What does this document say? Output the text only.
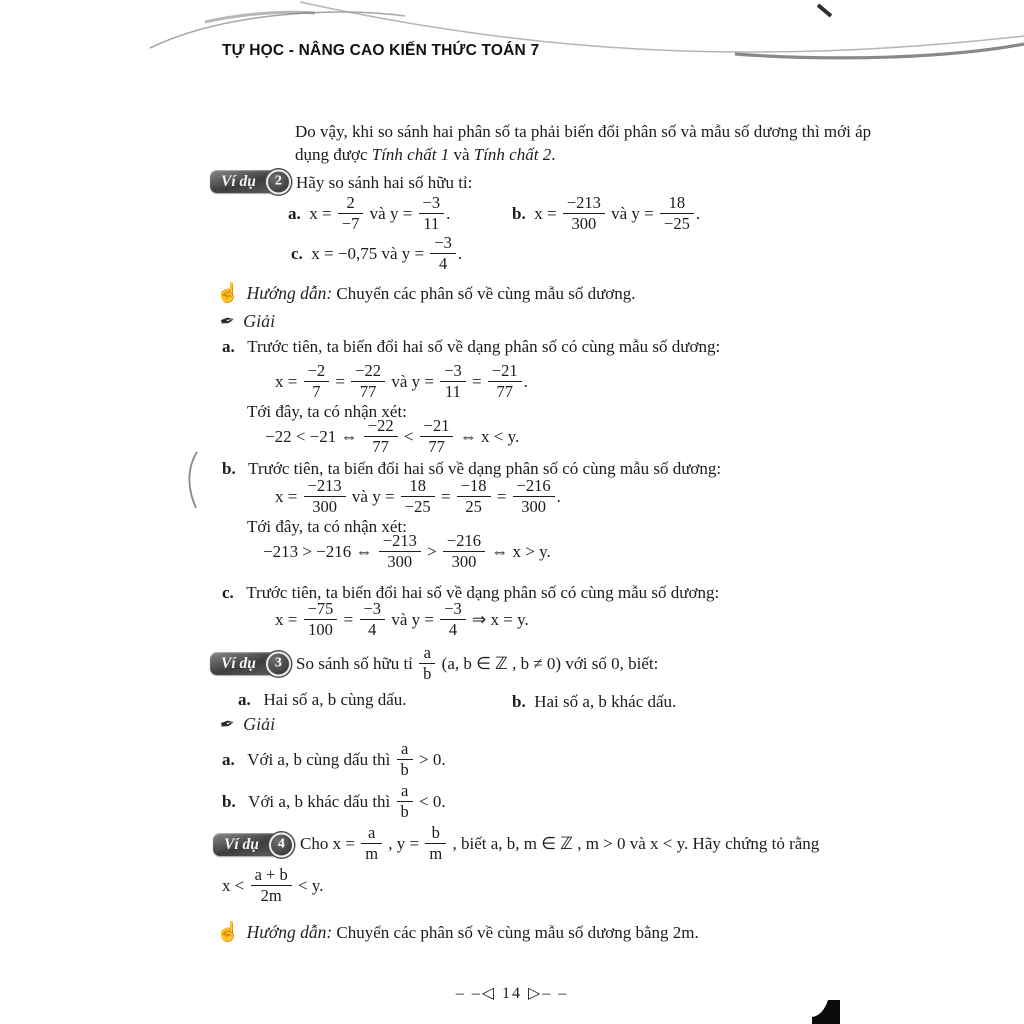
TỰ HỌC - NÂNG CAO KIẾN THỨC TOÁN 7
Do vậy, khi so sánh hai phân số ta phải biến đổi phân số và mẫu số dương thì mới áp dụng được Tính chất 1 và Tính chất 2.
Ví dụ	2 Hãy so sánh hai số hữu tỉ:
a. $x = \frac{2}{-7}$ và $y = \frac{-3}{11}$ .	b. $x = \frac{-213}{300}$ và $y = \frac{18}{-25}$ .
c. x = −0,75 và $y = \frac{-3}{4}$ .
☝ Hướng dẫn: Chuyển các phân số về cùng mẫu số dương.
✒ Giải
a. Trước tiên, ta biến đổi hai số về dạng phân số có cùng mẫu số dương:
$x = \frac{-2}{7} = \frac{-22}{77}$ và $y = \frac{-3}{11} = \frac{-21}{77}$ .
Tới đây, ta có nhận xét:
−22 < −21 ⇔ $\frac{-22}{77} < \frac{-21}{77}$ ⇔ x < y.
b. Trước tiên, ta biến đổi hai số về dạng phân số có cùng mẫu số dương:
$x = \frac{-213}{300}$ và $y = \frac{18}{-25} = \frac{-18}{25} = \frac{-216}{300}$ .
Tới đây, ta có nhận xét:
−213 > −216 ⇔ $\frac{-213}{300} > \frac{-216}{300}$ ⇔ x > y.
c. Trước tiên, ta biến đổi hai số về dạng phân số có cùng mẫu số dương:
$x = \frac{-75}{100} = \frac{-3}{4}$ và $y = \frac{-3}{4}$ ⇒ x = y.
Ví dụ	3 So sánh số hữu tỉ $\frac{a}{b} (a$, b ∈ ℤ , b ≠ 0) với số 0, biết:
a. Hai số a, b cùng dấu.	b. Hai số a, b khác dấu.
✒ Giải
a. Với a, b cùng dấu thì $\frac{a}{b} > 0$.
b. Với a, b khác dấu thì $\frac{a}{b} < 0$.
Ví dụ	4 Cho $x = \frac{a}{m}$ , $y = \frac{b}{m}$ , biết a, b, m ∈ ℤ , m > 0 và x < y. Hãy chứng tỏ rằng
$x < \frac{a + b}{2m} < y$.
☝ Hướng dẫn: Chuyển các phân số về cùng mẫu số dương bằng 2m.
– –◁ 14 ▷– –
